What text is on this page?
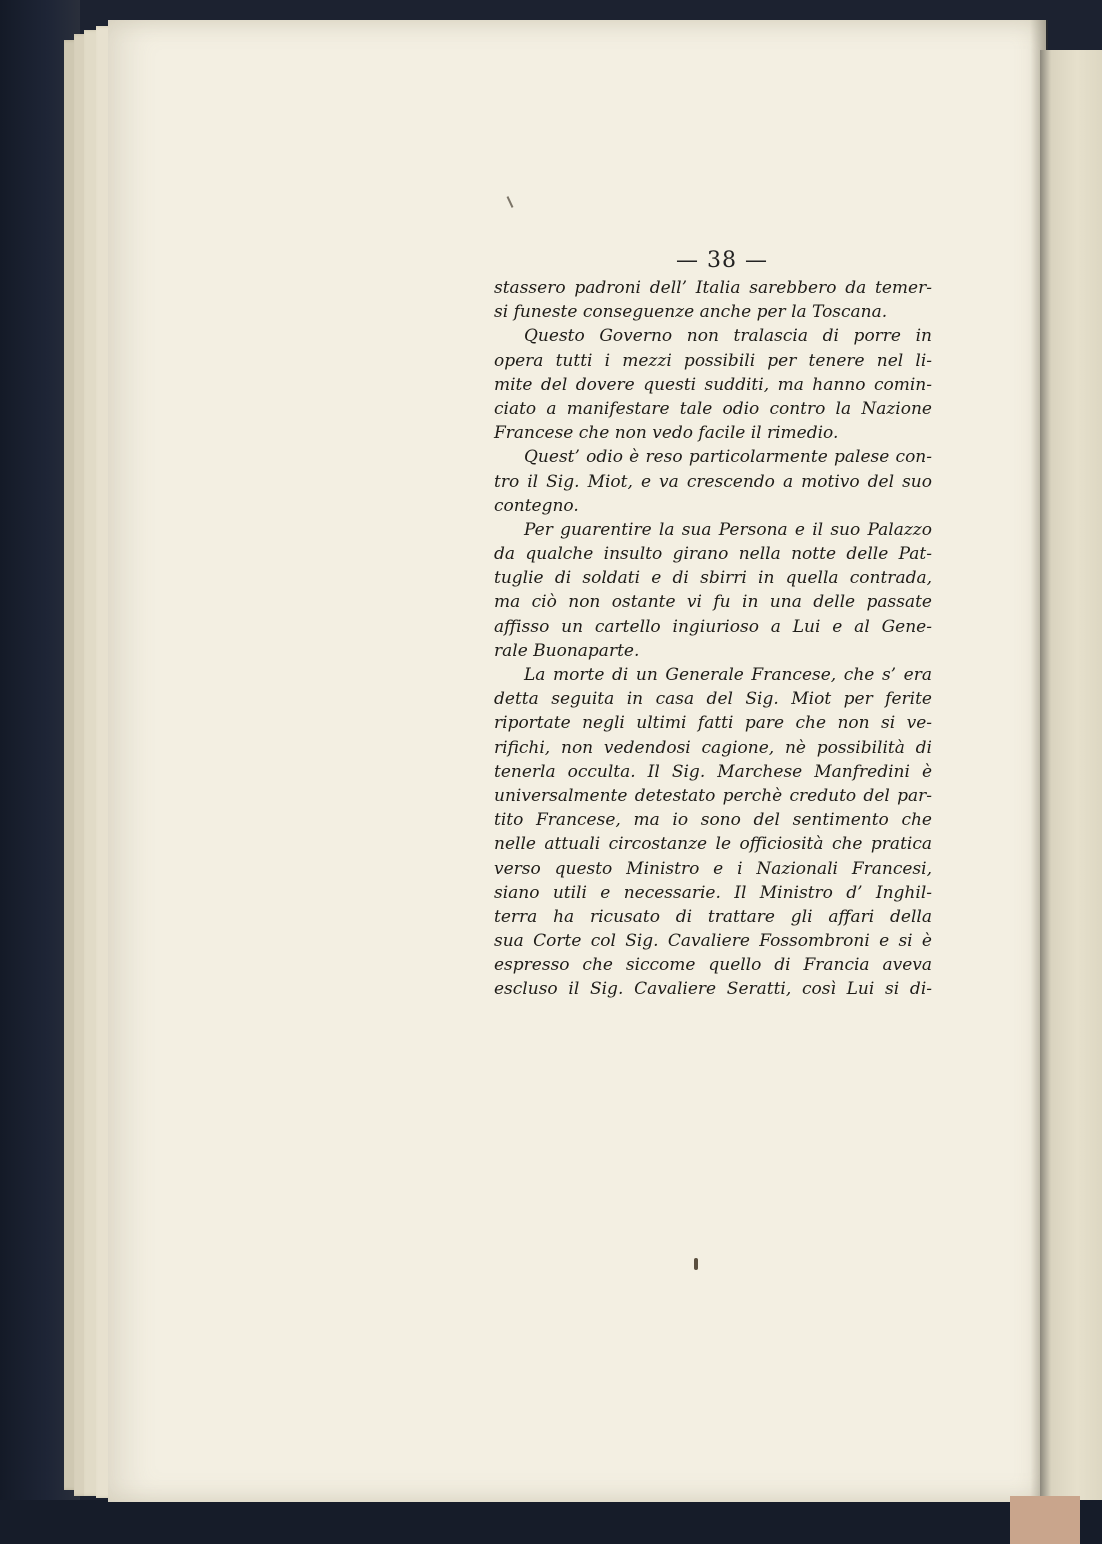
— 38 —
stassero padroni dell’ Italia sarebbero da temer-
si funeste conseguenze anche per la Toscana.
Questo Governo non tralascia di porre in
opera tutti i mezzi possibili per tenere nel li-
mite del dovere questi sudditi, ma hanno comin-
ciato a manifestare tale odio contro la Nazione
Francese che non vedo facile il rimedio.
Quest’ odio è reso particolarmente palese con-
tro il Sig. Miot, e va crescendo a motivo del suo
contegno.
Per guarentire la sua Persona e il suo Palazzo
da qualche insulto girano nella notte delle Pat-
tuglie di soldati e di sbirri in quella contrada,
ma ciò non ostante vi fu in una delle passate
affisso un cartello ingiurioso a Lui e al Gene-
rale Buonaparte.
La morte di un Generale Francese, che s’ era
detta seguita in casa del Sig. Miot per ferite
riportate negli ultimi fatti pare che non si ve-
rifichi, non vedendosi cagione, nè possibilità di
tenerla occulta. Il Sig. Marchese Manfredini è
universalmente detestato perchè creduto del par-
tito Francese, ma io sono del sentimento che
nelle attuali circostanze le officiosità che pratica
verso questo Ministro e i Nazionali Francesi,
siano utili e necessarie. Il Ministro d’ Inghil-
terra ha ricusato di trattare gli affari della
sua Corte col Sig. Cavaliere Fossombroni e si è
espresso che siccome quello di Francia aveva
escluso il Sig. Cavaliere Seratti, così Lui si di-
